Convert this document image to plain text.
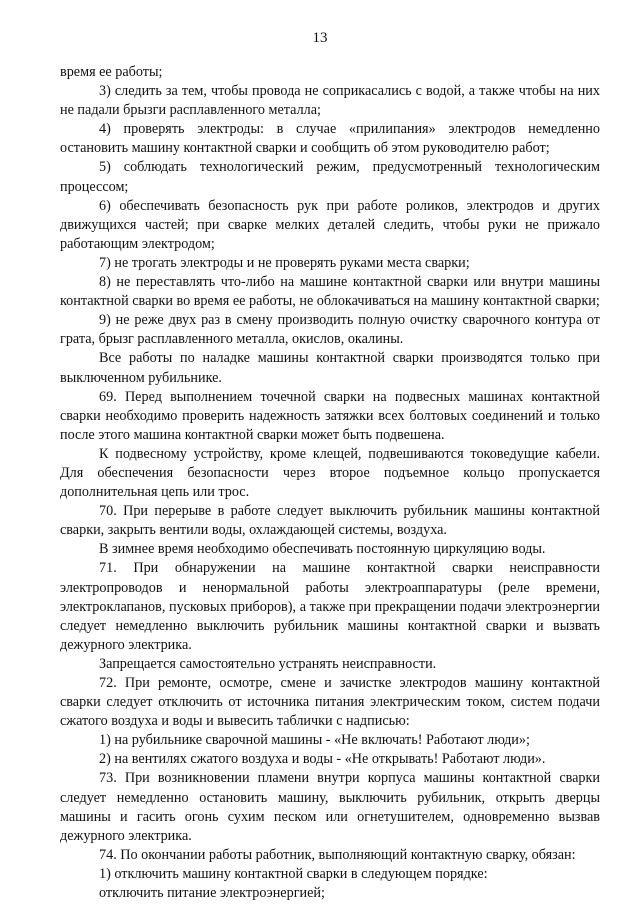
13

время ее работы;

3) следить за тем, чтобы провода не соприкасались с водой, а также чтобы на них не падали брызги расплавленного металла;

4) проверять электроды: в случае «прилипания» электродов немедленно остановить машину контактной сварки и сообщить об этом руководителю работ;

5) соблюдать технологический режим, предусмотренный технологическим процессом;

6) обеспечивать безопасность рук при работе роликов, электродов и других движущихся частей; при сварке мелких деталей следить, чтобы руки не прижало работающим электродом;

7) не трогать электроды и не проверять руками места сварки;

8) не переставлять что-либо на машине контактной сварки или внутри машины контактной сварки во время ее работы, не облокачиваться на машину контактной сварки;

9) не реже двух раз в смену производить полную очистку сварочного контура от грата, брызг расплавленного металла, окислов, окалины.

Все работы по наладке машины контактной сварки производятся только при выключенном рубильнике.

69. Перед выполнением точечной сварки на подвесных машинах контактной сварки необходимо проверить надежность затяжки всех болтовых соединений и только после этого машина контактной сварки может быть подвешена.

К подвесному устройству, кроме клещей, подвешиваются токоведущие кабели. Для обеспечения безопасности через второе подъемное кольцо пропускается дополнительная цепь или трос.

70. При перерыве в работе следует выключить рубильник машины контактной сварки, закрыть вентили воды, охлаждающей системы, воздуха.

В зимнее время необходимо обеспечивать постоянную циркуляцию воды.

71. При обнаружении на машине контактной сварки неисправности электропроводов и ненормальной работы электроаппаратуры (реле времени, электроклапанов, пусковых приборов), а также при прекращении подачи электроэнергии следует немедленно выключить рубильник машины контактной сварки и вызвать дежурного электрика.

Запрещается самостоятельно устранять неисправности.

72. При ремонте, осмотре, смене и зачистке электродов машину контактной сварки следует отключить от источника питания электрическим током, систем подачи сжатого воздуха и воды и вывесить таблички с надписью:

1) на рубильнике сварочной машины - «Не включать! Работают люди»;

2) на вентилях сжатого воздуха и воды - «Не открывать! Работают люди».

73. При возникновении пламени внутри корпуса машины контактной сварки следует немедленно остановить машину, выключить рубильник, открыть дверцы машины и гасить огонь сухим песком или огнетушителем, одновременно вызвав дежурного электрика.

74. По окончании работы работник, выполняющий контактную сварку, обязан:

1) отключить машину контактной сварки в следующем порядке:

отключить питание электроэнергией;
